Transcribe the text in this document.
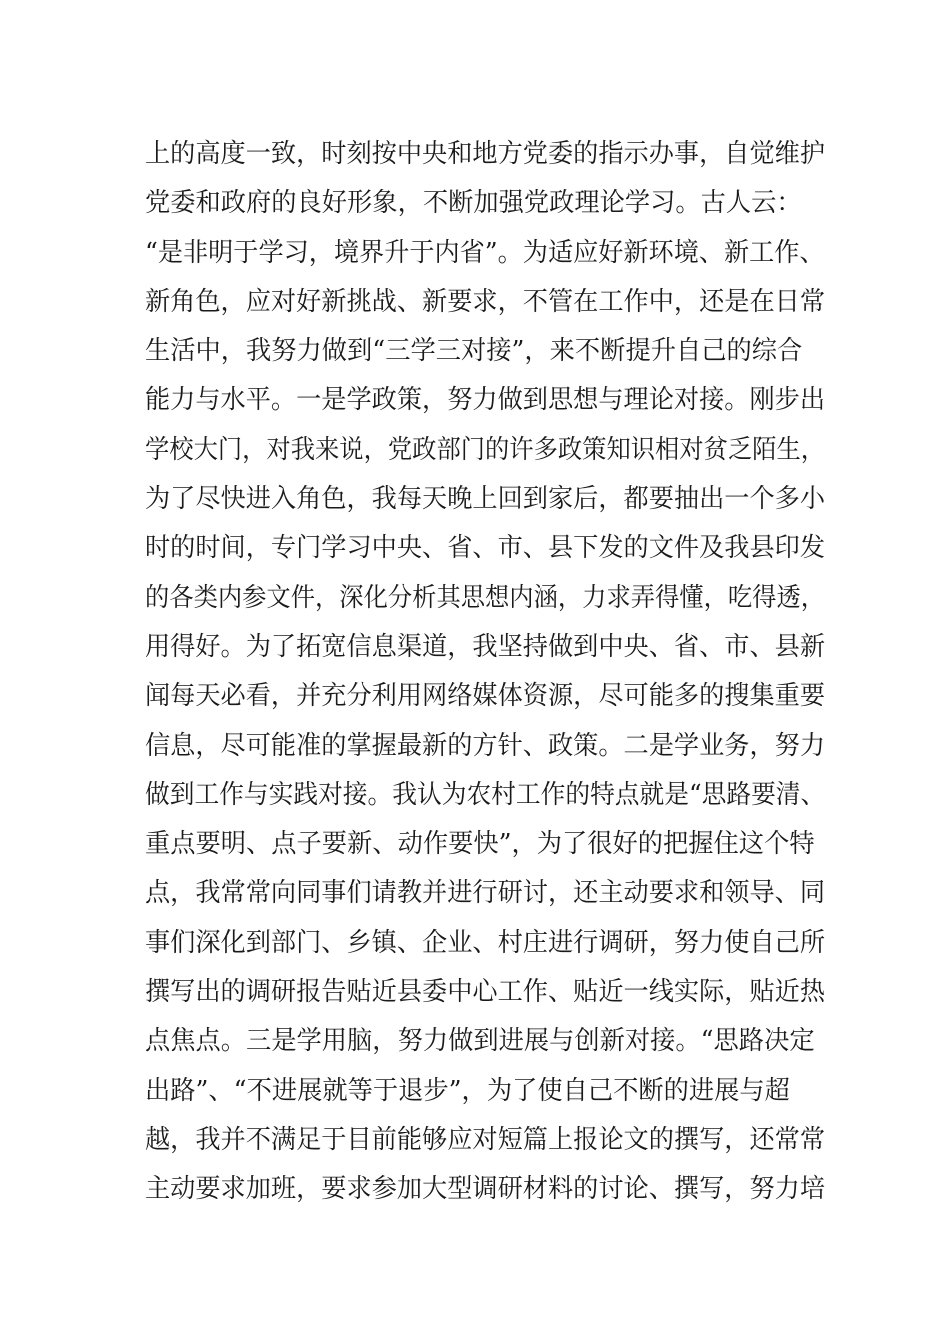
上的高度一致，时刻按中央和地方党委的指示办事，自觉维护
党委和政府的良好形象，不断加强党政理论学习。古人云：
“是非明于学习，境界升于内省”。为适应好新环境、新工作、
新角色，应对好新挑战、新要求，不管在工作中，还是在日常
生活中，我努力做到“三学三对接”，来不断提升自己的综合
能力与水平。一是学政策，努力做到思想与理论对接。刚步出
学校大门，对我来说，党政部门的许多政策知识相对贫乏陌生，
为了尽快进入角色，我每天晚上回到家后，都要抽出一个多小
时的时间，专门学习中央、省、市、县下发的文件及我县印发
的各类内参文件，深化分析其思想内涵，力求弄得懂，吃得透，
用得好。为了拓宽信息渠道，我坚持做到中央、省、市、县新
闻每天必看，并充分利用网络媒体资源，尽可能多的搜集重要
信息，尽可能准的掌握最新的方针、政策。二是学业务，努力
做到工作与实践对接。我认为农村工作的特点就是“思路要清、
重点要明、点子要新、动作要快”，为了很好的把握住这个特
点，我常常向同事们请教并进行研讨，还主动要求和领导、同
事们深化到部门、乡镇、企业、村庄进行调研，努力使自己所
撰写出的调研报告贴近县委中心工作、贴近一线实际，贴近热
点焦点。三是学用脑，努力做到进展与创新对接。“思路决定
出路”、“不进展就等于退步”，为了使自己不断的进展与超
越，我并不满足于目前能够应对短篇上报论文的撰写，还常常
主动要求加班，要求参加大型调研材料的讨论、撰写，努力培
